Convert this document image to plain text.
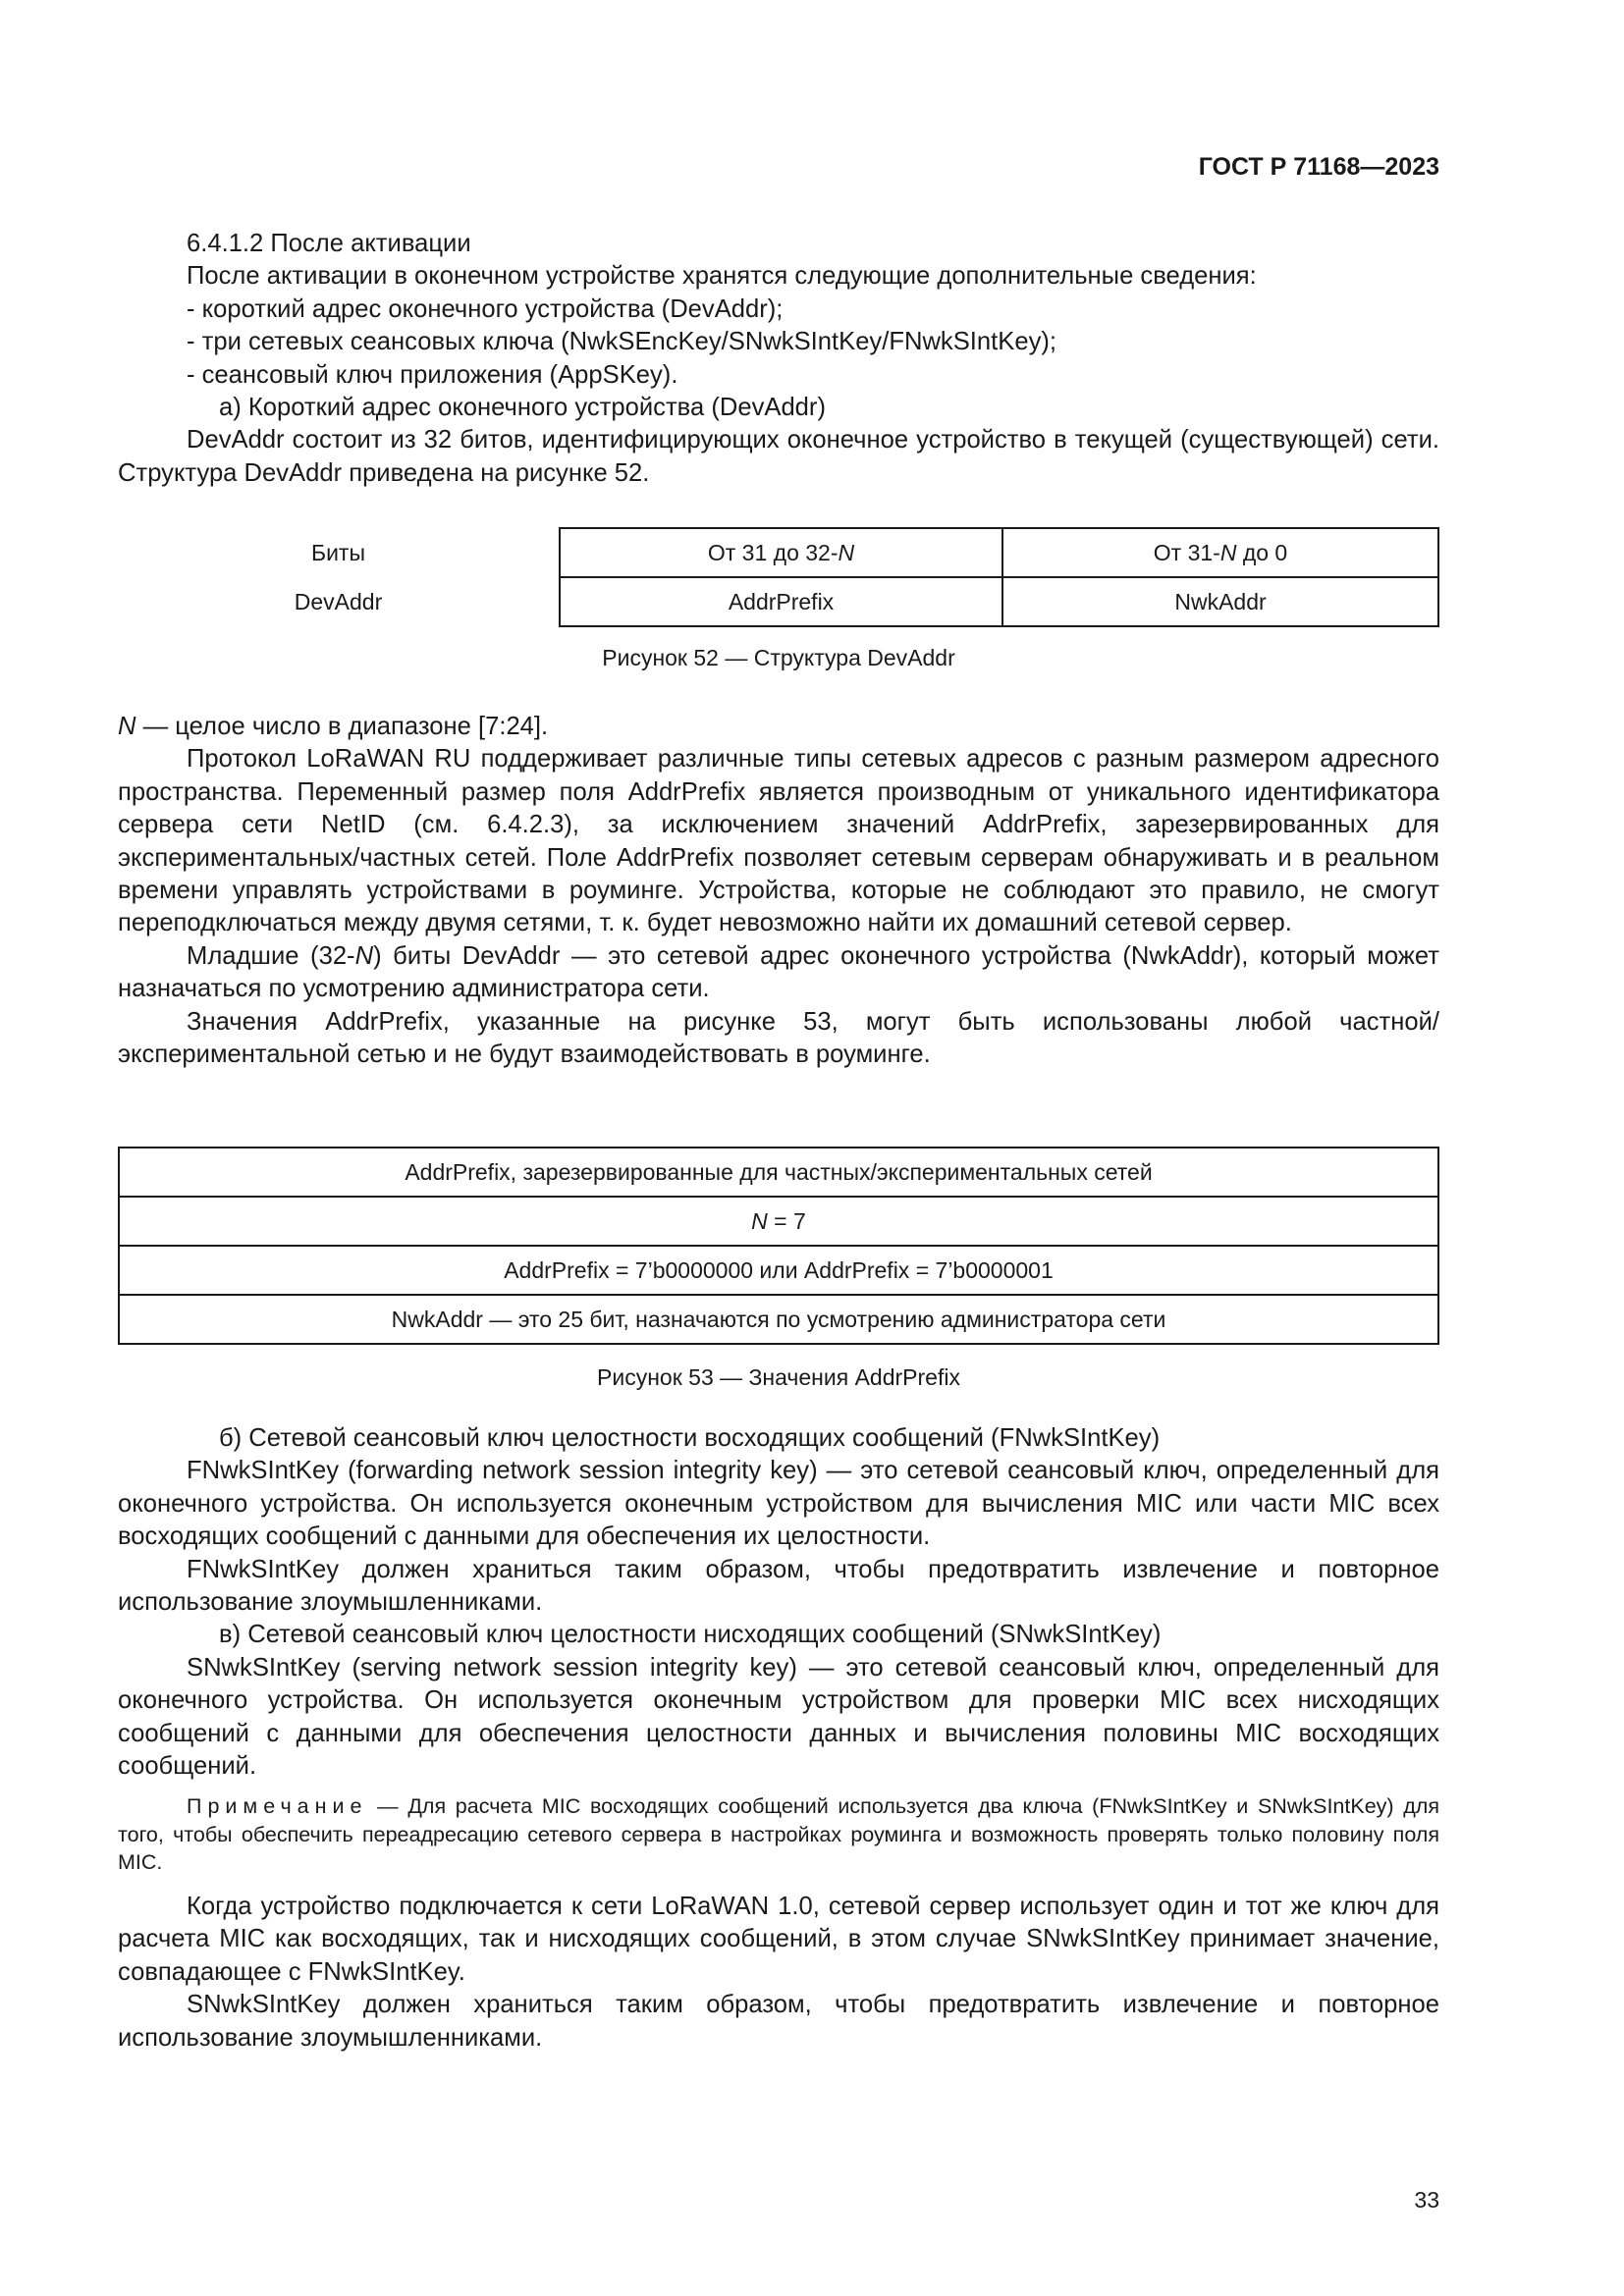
ГОСТ Р 71168—2023

6.4.1.2 После активации

После активации в оконечном устройстве хранятся следующие дополнительные сведения:

- короткий адрес оконечного устройства (DevAddr);

- три сетевых сеансовых ключа (NwkSEncKey/SNwkSIntKey/FNwkSIntKey);

- сеансовый ключ приложения (AppSKey).

а) Короткий адрес оконечного устройства (DevAddr)

DevAddr состоит из 32 битов, идентифицирующих оконечное устройство в текущей (существующей) сети. Структура DevAddr приведена на рисунке 52.

Биты	От 31 до 32-N	От 31-N до 0
DevAddr	AddrPrefix	NwkAddr
Рисунок 52 — Структура DevAddr

N — целое число в диапазоне [7:24].

Протокол LoRaWAN RU поддерживает различные типы сетевых адресов с разным размером адресного пространства. Переменный размер поля AddrPrefix является производным от уникального идентификатора сервера сети NetID (см. 6.4.2.3), за исключением значений AddrPrefix, зарезервированных для экспериментальных/частных сетей. Поле AddrPrefix позволяет сетевым серверам обнаруживать и в реальном времени управлять устройствами в роуминге. Устройства, которые не соблюдают это правило, не смогут переподключаться между двумя сетями, т. к. будет невозможно найти их домашний сетевой сервер.

Младшие (32-N) биты DevAddr — это сетевой адрес оконечного устройства (NwkAddr), который может назначаться по усмотрению администратора сети.

Значения AddrPrefix, указанные на рисунке 53, могут быть использованы любой частной/экспериментальной сетью и не будут взаимодействовать в роуминге.

AddrPrefix, зарезервированные для частных/экспериментальных сетей
N = 7
AddrPrefix = 7’b0000000 или AddrPrefix = 7’b0000001
NwkAddr — это 25 бит, назначаются по усмотрению администратора сети
Рисунок 53 — Значения AddrPrefix

б) Сетевой сеансовый ключ целостности восходящих сообщений (FNwkSIntKey)

FNwkSIntKey (forwarding network session integrity key) — это сетевой сеансовый ключ, определенный для оконечного устройства. Он используется оконечным устройством для вычисления MIC или части MIC всех восходящих сообщений с данными для обеспечения их целостности.

FNwkSIntKey должен храниться таким образом, чтобы предотвратить извлечение и повторное использование злоумышленниками.

в) Сетевой сеансовый ключ целостности нисходящих сообщений (SNwkSIntKey)

SNwkSIntKey (serving network session integrity key) — это сетевой сеансовый ключ, определенный для оконечного устройства. Он используется оконечным устройством для проверки MIC всех нисходящих сообщений с данными для обеспечения целостности данных и вычисления половины MIC восходящих сообщений.

Примечание — Для расчета MIC восходящих сообщений используется два ключа (FNwkSIntKey и SNwkSIntKey) для того, чтобы обеспечить переадресацию сетевого сервера в настройках роуминга и возможность проверять только половину поля MIC.

Когда устройство подключается к сети LoRaWAN 1.0, сетевой сервер использует один и тот же ключ для расчета MIC как восходящих, так и нисходящих сообщений, в этом случае SNwkSIntKey принимает значение, совпадающее с FNwkSIntKey.

SNwkSIntKey должен храниться таким образом, чтобы предотвратить извлечение и повторное использование злоумышленниками.

33
